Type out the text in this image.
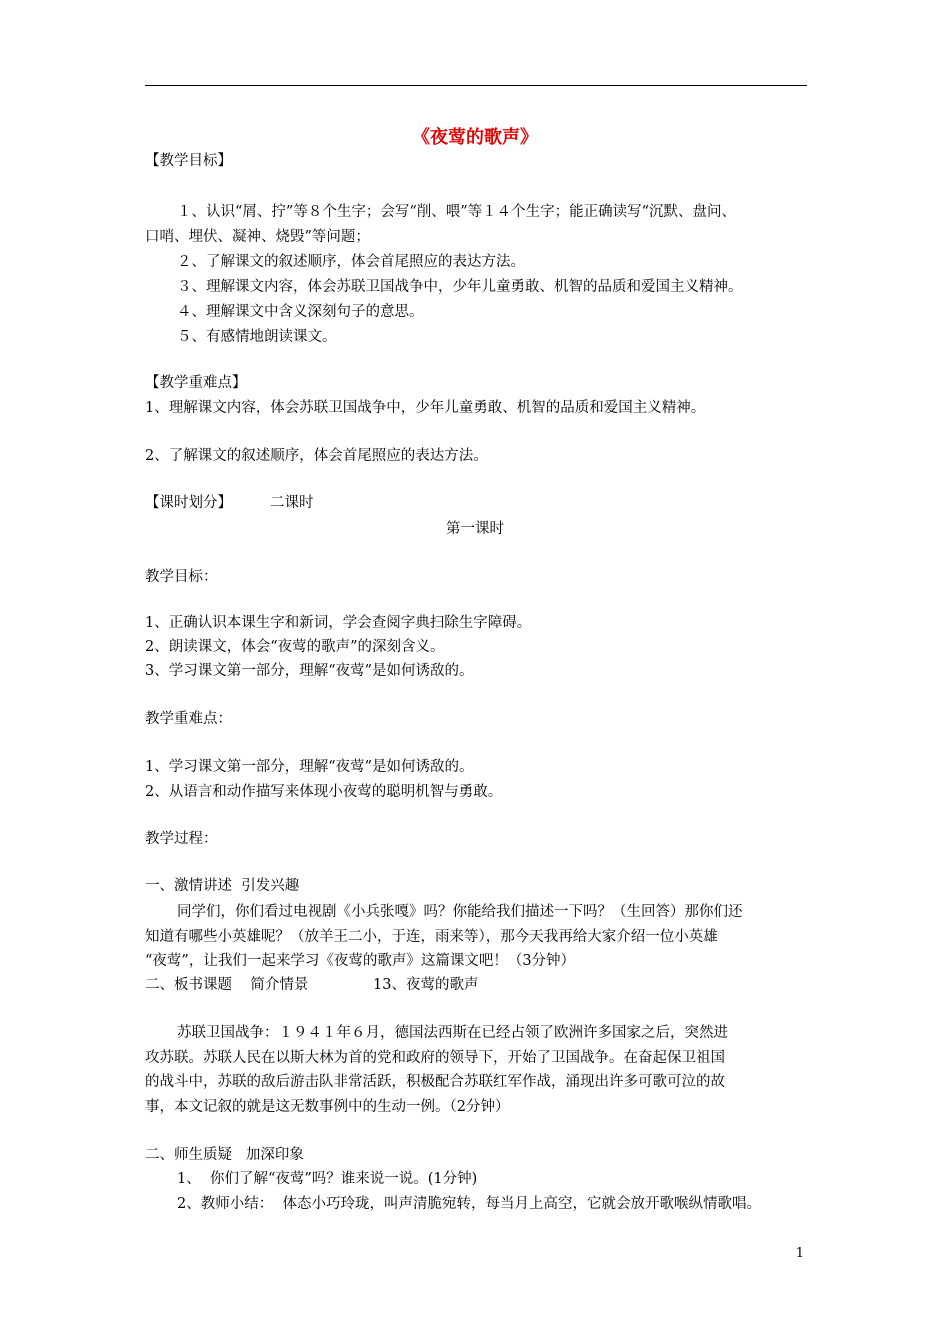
《夜莺的歌声》
【教学目标】
１、认识“屑、拧”等８个生字；会写“削、喂”等１４个生字；能正确读写“沉默、盘问、
口哨、埋伏、凝神、烧毁”等问题；
２、了解课文的叙述顺序，体会首尾照应的表达方法。
３、理解课文内容，体会苏联卫国战争中，少年儿童勇敢、机智的品质和爱国主义精神。
４、理解课文中含义深刻句子的意思。
５、有感情地朗读课文。
【教学重难点】
1、理解课文内容，体会苏联卫国战争中，少年儿童勇敢、机智的品质和爱国主义精神。
2、了解课文的叙述顺序，体会首尾照应的表达方法。
【课时划分】	二课时
第一课时
教学目标：
1、正确认识本课生字和新词，学会查阅字典扫除生字障碍。
2、朗读课文，体会“夜莺的歌声”的深刻含义。
3、学习课文第一部分，理解“夜莺”是如何诱敌的。
教学重难点：
1、学习课文第一部分，理解“夜莺”是如何诱敌的。
2、从语言和动作描写来体现小夜莺的聪明机智与勇敢。
教学过程：
一、激情讲述  引发兴趣
同学们，你们看过电视剧《小兵张嘎》吗？你能给我们描述一下吗？（生回答）那你们还
知道有哪些小英雄呢？（放羊王二小，于连，雨来等），那今天我再给大家介绍一位小英雄
“夜莺”，让我们一起来学习《夜莺的歌声》这篇课文吧！（3分钟）
二、板书课题    简介情景	13、夜莺的歌声
苏联卫国战争：１９４１年６月，德国法西斯在已经占领了欧洲许多国家之后，突然进
攻苏联。苏联人民在以斯大林为首的党和政府的领导下，开始了卫国战争。在奋起保卫祖国
的战斗中，苏联的敌后游击队非常活跃，积极配合苏联红军作战，涌现出许多可歌可泣的故
事，本文记叙的就是这无数事例中的生动一例。（2分钟）
二、师生质疑   加深印象
1、  你们了解“夜莺”吗？谁来说一说。(1分钟)
2、教师小结：  体态小巧玲珑，叫声清脆宛转，每当月上高空，它就会放开歌喉纵情歌唱。
1
